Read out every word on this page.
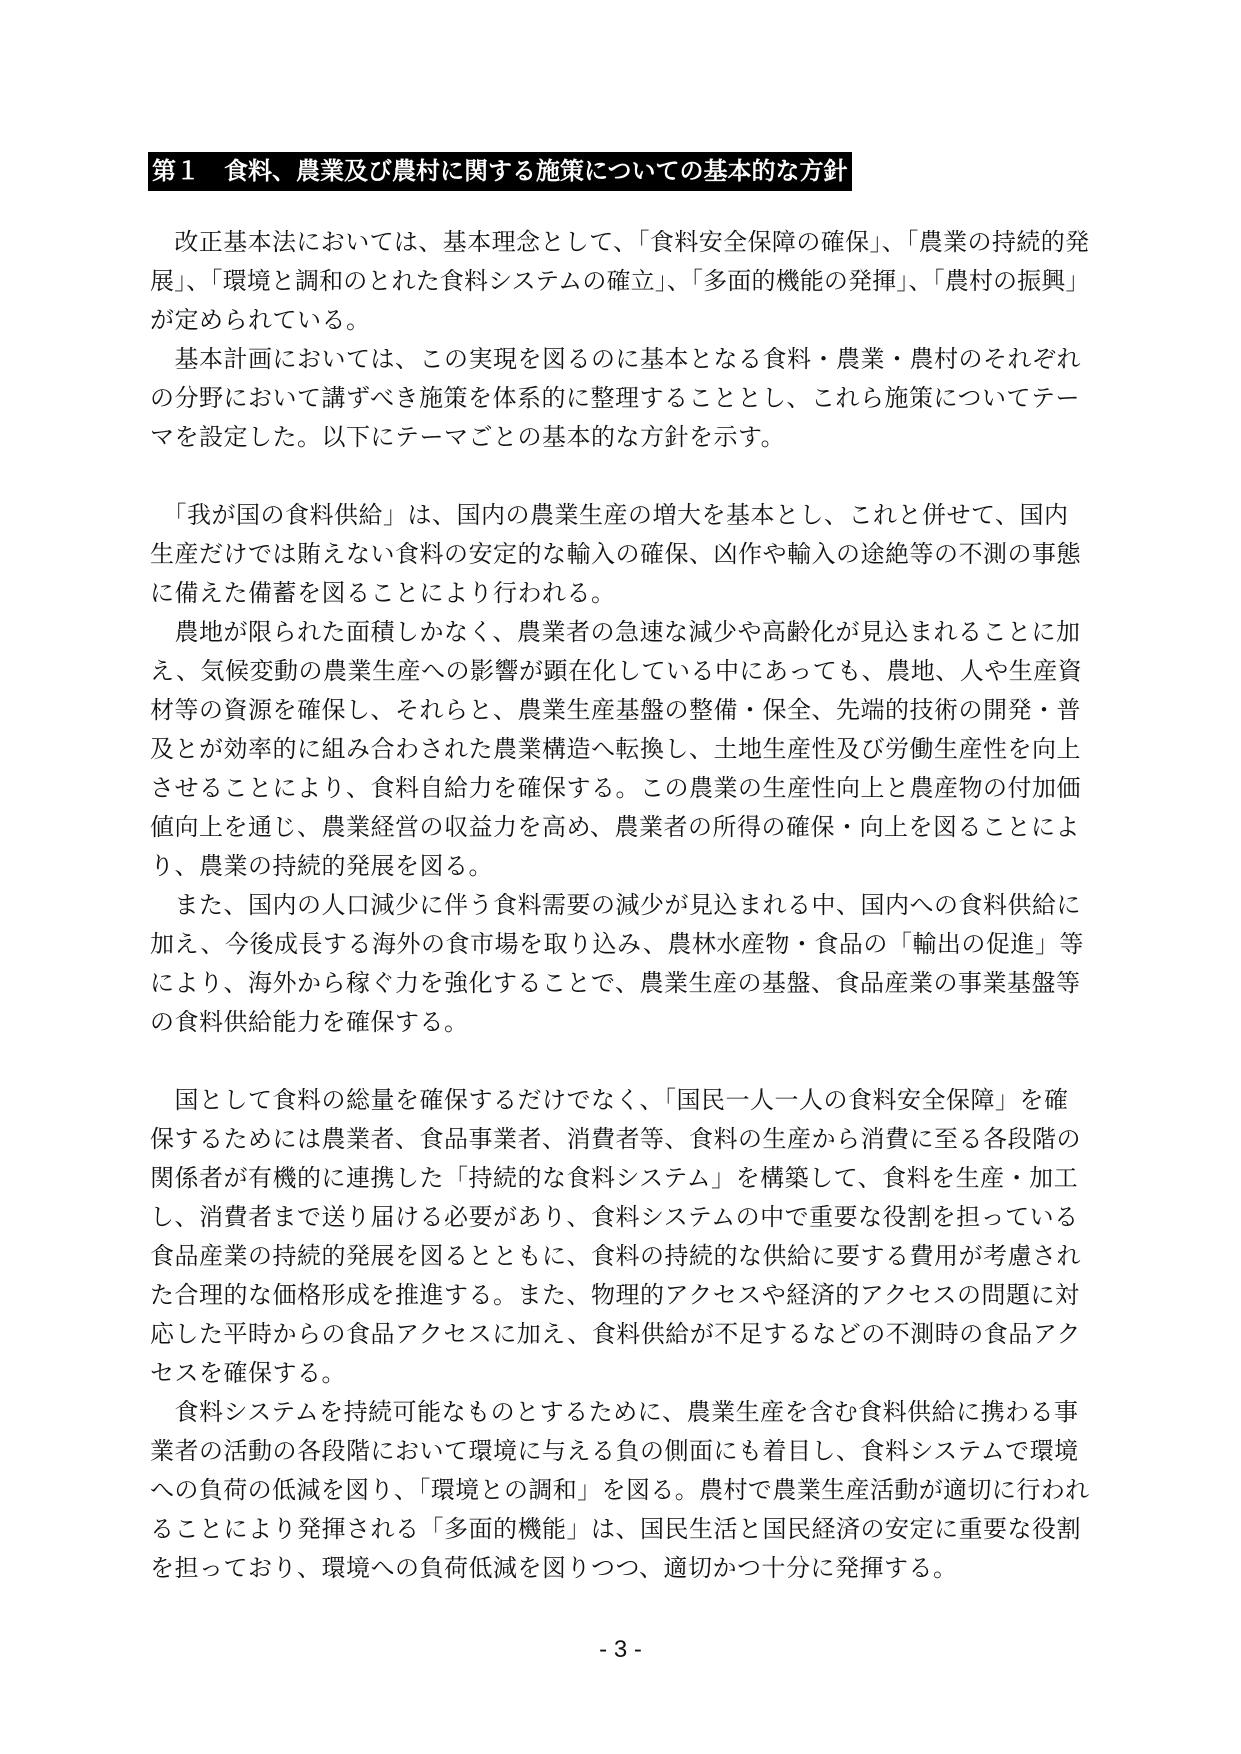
第１　食料、農業及び農村に関する施策についての基本的な方針
　改正基本法においては、基本理念として、「食料安全保障の確保」、「農業の持続的発
展」、「環境と調和のとれた食料システムの確立」、「多面的機能の発揮」、「農村の振興」
が定められている。
　基本計画においては、この実現を図るのに基本となる食料・農業・農村のそれぞれ
の分野において講ずべき施策を体系的に整理することとし、これら施策についてテー
マを設定した。以下にテーマごとの基本的な方針を示す。
　「我が国の食料供給」は、国内の農業生産の増大を基本とし、これと併せて、国内
生産だけでは賄えない食料の安定的な輸入の確保、凶作や輸入の途絶等の不測の事態
に備えた備蓄を図ることにより行われる。
　農地が限られた面積しかなく、農業者の急速な減少や高齢化が見込まれることに加
え、気候変動の農業生産への影響が顕在化している中にあっても、農地、人や生産資
材等の資源を確保し、それらと、農業生産基盤の整備・保全、先端的技術の開発・普
及とが効率的に組み合わされた農業構造へ転換し、土地生産性及び労働生産性を向上
させることにより、食料自給力を確保する。この農業の生産性向上と農産物の付加価
値向上を通じ、農業経営の収益力を高め、農業者の所得の確保・向上を図ることによ
り、農業の持続的発展を図る。
　また、国内の人口減少に伴う食料需要の減少が見込まれる中、国内への食料供給に
加え、今後成長する海外の食市場を取り込み、農林水産物・食品の「輸出の促進」等
により、海外から稼ぐ力を強化することで、農業生産の基盤、食品産業の事業基盤等
の食料供給能力を確保する。
　国として食料の総量を確保するだけでなく、「国民一人一人の食料安全保障」を確
保するためには農業者、食品事業者、消費者等、食料の生産から消費に至る各段階の
関係者が有機的に連携した「持続的な食料システム」を構築して、食料を生産・加工
し、消費者まで送り届ける必要があり、食料システムの中で重要な役割を担っている
食品産業の持続的発展を図るとともに、食料の持続的な供給に要する費用が考慮され
た合理的な価格形成を推進する。また、物理的アクセスや経済的アクセスの問題に対
応した平時からの食品アクセスに加え、食料供給が不足するなどの不測時の食品アク
セスを確保する。
　食料システムを持続可能なものとするために、農業生産を含む食料供給に携わる事
業者の活動の各段階において環境に与える負の側面にも着目し、食料システムで環境
への負荷の低減を図り、「環境との調和」を図る。農村で農業生産活動が適切に行われ
ることにより発揮される「多面的機能」は、国民生活と国民経済の安定に重要な役割
を担っており、環境への負荷低減を図りつつ、適切かつ十分に発揮する。
- 3 -
